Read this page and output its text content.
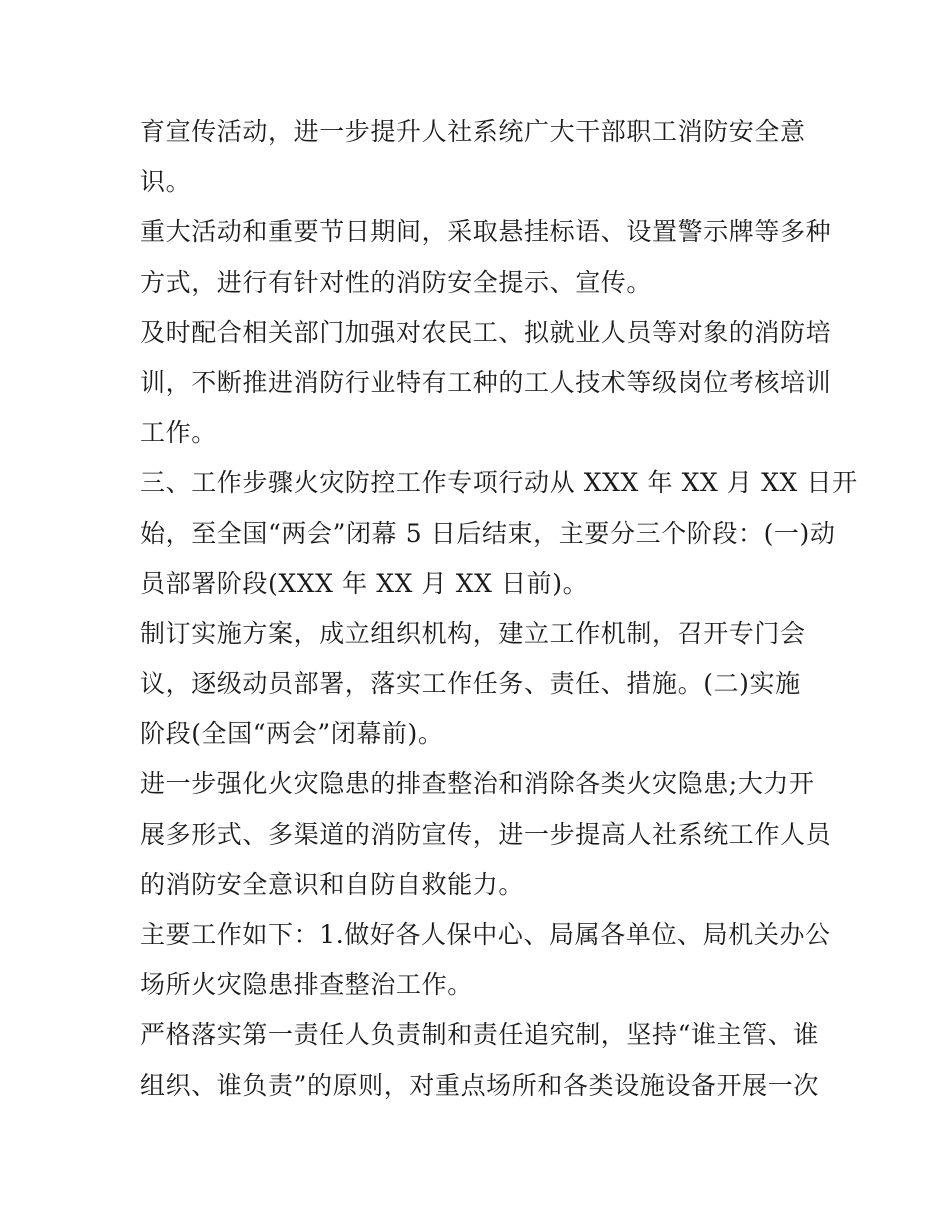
育宣传活动，进一步提升人社系统广大干部职工消防安全意
识。
重大活动和重要节日期间，采取悬挂标语、设置警示牌等多种
方式，进行有针对性的消防安全提示、宣传。
及时配合相关部门加强对农民工、拟就业人员等对象的消防培
训，不断推进消防行业特有工种的工人技术等级岗位考核培训
工作。
三、工作步骤火灾防控工作专项行动从 XXX 年 XX 月 XX 日开
始，至全国“两会”闭幕 5 日后结束，主要分三个阶段：(一)动
员部署阶段(XXX 年 XX 月 XX 日前)。
制订实施方案，成立组织机构，建立工作机制，召开专门会
议，逐级动员部署，落实工作任务、责任、措施。(二)实施
阶段(全国“两会”闭幕前)。
进一步强化火灾隐患的排查整治和消除各类火灾隐患;大力开
展多形式、多渠道的消防宣传，进一步提高人社系统工作人员
的消防安全意识和自防自救能力。
主要工作如下：1.做好各人保中心、局属各单位、局机关办公
场所火灾隐患排查整治工作。
严格落实第一责任人负责制和责任追究制，坚持“谁主管、谁
组织、谁负责”的原则，对重点场所和各类设施设备开展一次
